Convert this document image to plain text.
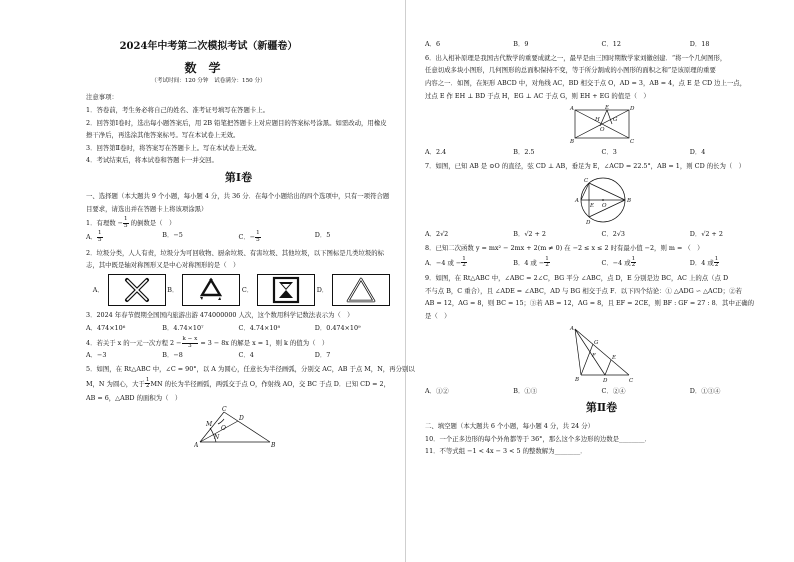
2024年中考第二次模拟考试（新疆卷）
数学
（考试时间：120 分钟　试卷满分：150 分）
注意事项：
1．答卷前，考生务必将自己的姓名、准考证号填写在答题卡上。
2．回答第Ⅰ卷时，选出每小题答案后，用 2B 铅笔把答题卡上对应题目的答案标号涂黑。如需改动，用橡皮
擦干净后，再选涂其他答案标号。写在本试卷上无效。
3．回答第Ⅱ卷时，将答案写在答题卡上。写在本试卷上无效。
4．考试结束后，将本试卷和答题卡一并交回。
第Ⅰ卷
一、选择题（本大题共 9 个小题，每小题 4 分，共 36 分．在每个小题给出的四个选项中，只有一项符合题
目要求，请选出并在答题卡上将该项涂黑）
1．有理数 − $\frac{1}{5}$ 的倒数是（　）
A． $\frac{1}{5}$	B．−5	C．− $\frac{1}{5}$	D．5
2．垃圾分类，人人有责，垃圾分为可回收物、厨余垃圾、有害垃圾、其他垃圾，以下图标是几类垃圾的标
志，其中既是轴对称图形又是中心对称图形的是（　）
A．	B．	C．	D．
3．2024 年春节假期全国国内旅游出游 474000000 人次，这个数用科学记数法表示为（　）
A．474×10⁶	B．4.74×10⁷	C．4.74×10⁸	D．0.474×10⁹
4．若关于 x 的一元一次方程 $2 - \frac{k - x}{3} = 3 - 8x$ 的解是 x = 1，则 k 的值为（　）
A．−3	B．−8	C．4	D．7
5．如图，在 Rt△ABC 中，∠C = 90°，以 A 为圆心，任意长为半径画弧，分别交 AC，AB 于点 M，N，再分别以
M，N 为圆心，大于 $\frac{1}{2}$ MN 的长为半径画弧，两弧交于点 O，作射线 AO，交 BC 于点 D．已知 CD = 2，
AB = 6，△ABD 的面积为（　）
C
M
D
O
N
A	B
A．6	B．9	C．12	D．18
6．出入相补原理是我国古代数学的重要成就之一，最早是由三国时期数学家刘徽创建．“将一个几何图形，
任意切成多块小图形，几何图形的总面积保持不变，等于所分割成的小图形的面积之和”是该原理的重要
内容之一．如图，在矩形 ABCD 中，对角线 AC，BD 相交于点 O，AD = 3，AB = 4，点 E 是 CD 边上一点，
过点 E 作 EH ⊥ BD 于点 H，EG ⊥ AC 于点 G，则 EH + EG 的值是（　）
A	D
E
G
H
O
B	C
A．2.4	B．2.5	C．3	D．4
7．如图，已知 AB 是 ⊙O 的直径，弦 CD ⊥ AB，垂足为 E，∠ACD = 22.5°，AB = 1，则 CD 的长为（　）
C
A
E O
B
D
A．2√2	B．√2 + 2	C．2√3	D．√2 + 2
8．已知二次函数 y = mx² − 2mx + 2(m ≠ 0) 在 −2 ≤ x ≤ 2 时有最小值 −2，则 m = （　）
A．−4 或 − $\frac{1}{2}$	B．4 或 − $\frac{1}{2}$	C．−4 或 $\frac{1}{2}$	D．4 或 $\frac{1}{2}$
9．如图，在 Rt△ABC 中，∠ABC = 2∠C，BG 平分 ∠ABC，点 D，E 分别是边 BC，AC 上的点（点 D
不与点 B，C 重合），且 ∠ADE = ∠ABC，AD 与 BG 相交于点 F．以下四个结论：① △ADG ∽ △ACD；②若
AB = 12，AG = 8，则 BC = 15；③若 AB = 12，AG = 8，且 EF = 2CE，则 BF : GF = 27 : 8．其中正确的
是（　）
A
G
E
F
B	D	C
A．①②	B．①③	C．②④	D．①③④
第Ⅱ卷
二、填空题（本大题共 6 个小题，每小题 4 分，共 24 分）
10．一个正多边形的每个外角都等于 36°，那么这个多边形的边数是________．
11．不等式组 −1 < 4x − 3 < 5 的整数解为________．
